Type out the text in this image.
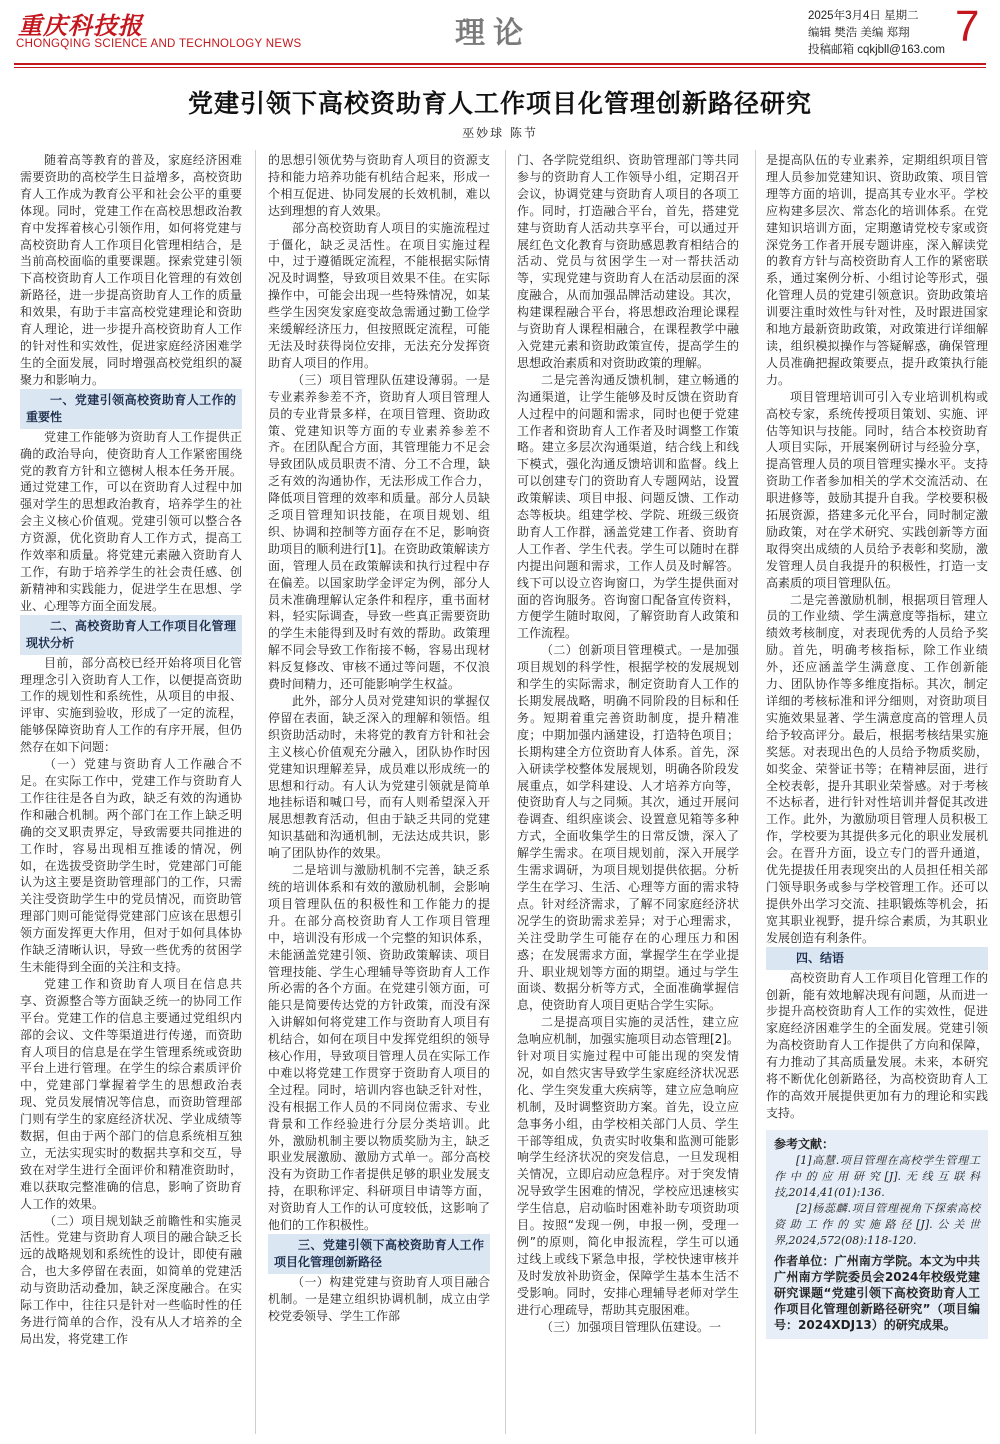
重庆科技报
CHONGQING SCIENCE AND TECHNOLOGY NEWS	理论	2025年3月4日 星期二
编辑 樊浩 美编 郑翔
投稿邮箱 cqkjbll@163.com 7
党建引领下高校资助育人工作项目化管理创新路径研究
巫妙球 陈节

随着高等教育的普及，家庭经济困难需要资助的高校学生日益增多，高校资助育人工作成为教育公平和社会公平的重要体现。同时，党建工作在高校思想政治教育中发挥着核心引领作用，如何将党建与高校资助育人工作项目化管理相结合，是当前高校面临的重要课题。探索党建引领下高校资助育人工作项目化管理的有效创新路径，进一步提高资助育人工作的质量和效果，有助于丰富高校党建理论和资助育人理论，进一步提升高校资助育人工作的针对性和实效性，促进家庭经济困难学生的全面发展，同时增强高校党组织的凝聚力和影响力。

一、党建引领高校资助育人工作的重要性

党建工作能够为资助育人工作提供正确的政治导向，使资助育人工作紧密围绕党的教育方针和立德树人根本任务开展。通过党建工作，可以在资助育人过程中加强对学生的思想政治教育，培养学生的社会主义核心价值观。党建引领可以整合各方资源，优化资助育人工作方式，提高工作效率和质量。将党建元素融入资助育人工作，有助于培养学生的社会责任感、创新精神和实践能力，促进学生在思想、学业、心理等方面全面发展。

二、高校资助育人工作项目化管理现状分析

目前，部分高校已经开始将项目化管理理念引入资助育人工作，以便提高资助工作的规划性和系统性，从项目的申报、评审、实施到验收，形成了一定的流程，能够保障资助育人工作的有序开展，但仍然存在如下问题：

（一）党建与资助育人工作融合不足。在实际工作中，党建工作与资助育人工作往往是各自为政，缺乏有效的沟通协作和融合机制。两个部门在工作上缺乏明确的交叉职责界定，导致需要共同推进的工作时，容易出现相互推诿的情况，例如，在选拔受资助学生时，党建部门可能认为这主要是资助管理部门的工作，只需关注受资助学生中的党员情况，而资助管理部门则可能觉得党建部门应该在思想引领方面发挥更大作用，但对于如何具体协作缺乏清晰认识，导致一些优秀的贫困学生未能得到全面的关注和支持。

党建工作和资助育人项目在信息共享、资源整合等方面缺乏统一的协同工作平台。党建工作的信息主要通过党组织内部的会议、文件等渠道进行传递，而资助育人项目的信息是在学生管理系统或资助平台上进行管理。在学生的综合素质评价中，党建部门掌握着学生的思想政治表现、党员发展情况等信息，而资助管理部门则有学生的家庭经济状况、学业成绩等数据，但由于两个部门的信息系统相互独立，无法实现实时的数据共享和交互，导致在对学生进行全面评价和精准资助时，难以获取完整准确的信息，影响了资助育人工作的效果。

（二）项目规划缺乏前瞻性和实施灵活性。党建与资助育人项目的融合缺乏长远的战略规划和系统性的设计，即使有融合，也大多停留在表面，如简单的党建活动与资助活动叠加，缺乏深度融合。在实际工作中，往往只是针对一些临时性的任务进行简单的合作，没有从人才培养的全局出发，将党建工作

的思想引领优势与资助育人项目的资源支持和能力培养功能有机结合起来，形成一个相互促进、协同发展的长效机制，难以达到理想的育人效果。

部分高校资助育人项目的实施流程过于僵化，缺乏灵活性。在项目实施过程中，过于遵循既定流程，不能根据实际情况及时调整，导致项目效果不佳。在实际操作中，可能会出现一些特殊情况，如某些学生因突发家庭变故急需通过勤工俭学来缓解经济压力，但按照既定流程，可能无法及时获得岗位安排，无法充分发挥资助育人项目的作用。

（三）项目管理队伍建设薄弱。一是专业素养参差不齐，资助育人项目管理人员的专业背景多样，在项目管理、资助政策、党建知识等方面的专业素养参差不齐。在团队配合方面，其管理能力不足会导致团队成员职责不清、分工不合理，缺乏有效的沟通协作，无法形成工作合力，降低项目管理的效率和质量。部分人员缺乏项目管理知识技能，在项目规划、组织、协调和控制等方面存在不足，影响资助项目的顺利进行[1]。在资助政策解读方面，管理人员在政策解读和执行过程中存在偏差。以国家助学金评定为例，部分人员未准确理解认定条件和程序，重书面材料，轻实际调查，导致一些真正需要资助的学生未能得到及时有效的帮助。政策理解不同会导致工作衔接不畅，容易出现材料反复修改、审核不通过等问题，不仅浪费时间精力，还可能影响学生权益。

此外，部分人员对党建知识的掌握仅停留在表面，缺乏深入的理解和领悟。组织资助活动时，未将党的教育方针和社会主义核心价值观充分融入，团队协作时因党建知识理解差异，成员难以形成统一的思想和行动。有人认为党建引领就是简单地挂标语和喊口号，而有人则希望深入开展思想教育活动，但由于缺乏共同的党建知识基础和沟通机制，无法达成共识，影响了团队协作的效果。

二是培训与激励机制不完善，缺乏系统的培训体系和有效的激励机制，会影响项目管理队伍的积极性和工作能力的提升。在部分高校资助育人工作项目管理中，培训没有形成一个完整的知识体系，未能涵盖党建引领、资助政策解读、项目管理技能、学生心理辅导等资助育人工作所必需的各个方面。在党建引领方面，可能只是简要传达党的方针政策，而没有深入讲解如何将党建工作与资助育人项目有机结合，如何在项目中发挥党组织的领导核心作用，导致项目管理人员在实际工作中难以将党建工作贯穿于资助育人项目的全过程。同时，培训内容也缺乏针对性，没有根据工作人员的不同岗位需求、专业背景和工作经验进行分层分类培训。此外，激励机制主要以物质奖励为主，缺乏职业发展激励、激励方式单一。部分高校没有为资助工作者提供足够的职业发展支持，在职称评定、科研项目申请等方面，对资助育人工作的认可度较低，这影响了他们的工作积极性。

三、党建引领下高校资助育人工作项目化管理创新路径

（一）构建党建与资助育人项目融合机制。一是建立组织协调机制，成立由学校党委领导、学生工作部

门、各学院党组织、资助管理部门等共同参与的资助育人工作领导小组，定期召开会议，协调党建与资助育人项目的各项工作。同时，打造融合平台，首先，搭建党建与资助育人活动共享平台，可以通过开展红色文化教育与资助感恩教育相结合的活动、党员与贫困学生一对一帮扶活动等，实现党建与资助育人在活动层面的深度融合，从而加强品牌活动建设。其次，构建课程融合平台，将思想政治理论课程与资助育人课程相融合，在课程教学中融入党建元素和资助政策宣传，提高学生的思想政治素质和对资助政策的理解。

二是完善沟通反馈机制，建立畅通的沟通渠道，让学生能够及时反馈在资助育人过程中的问题和需求，同时也便于党建工作者和资助育人工作者及时调整工作策略。建立多层次沟通渠道，结合线上和线下模式，强化沟通反馈培训和监督。线上可以创建专门的资助育人专题网站，设置政策解读、项目申报、问题反馈、工作动态等板块。组建学校、学院、班级三级资助育人工作群，涵盖党建工作者、资助育人工作者、学生代表。学生可以随时在群内提出问题和需求，工作人员及时解答。线下可以设立咨询窗口，为学生提供面对面的咨询服务。咨询窗口配备宣传资料，方便学生随时取阅，了解资助育人政策和工作流程。

（二）创新项目管理模式。一是加强项目规划的科学性，根据学校的发展规划和学生的实际需求，制定资助育人工作的长期发展战略，明确不同阶段的目标和任务。短期着重完善资助制度，提升精准度；中期加强内涵建设，打造特色项目；长期构建全方位资助育人体系。首先，深入研读学校整体发展规划，明确各阶段发展重点，如学科建设、人才培养方向等，使资助育人与之同频。其次，通过开展问卷调查、组织座谈会、设置意见箱等多种方式，全面收集学生的日常反馈，深入了解学生需求。在项目规划前，深入开展学生需求调研，为项目规划提供依据。分析学生在学习、生活、心理等方面的需求特点。针对经济需求，了解不同家庭经济状况学生的资助需求差异；对于心理需求，关注受助学生可能存在的心理压力和困惑；在发展需求方面，掌握学生在学业提升、职业规划等方面的期望。通过与学生面谈、数据分析等方式，全面准确掌握信息，使资助育人项目更贴合学生实际。

二是提高项目实施的灵活性，建立应急响应机制，加强实施项目动态管理[2]。针对项目实施过程中可能出现的突发情况，如自然灾害导致学生家庭经济状况恶化、学生突发重大疾病等，建立应急响应机制，及时调整资助方案。首先，设立应急事务小组，由学校相关部门人员、学生干部等组成，负责实时收集和监测可能影响学生经济状况的突发信息，一旦发现相关情况，立即启动应急程序。对于突发情况导致学生困难的情况，学校应迅速核实学生信息，启动临时困难补助专项资助项目。按照“发现一例，申报一例，受理一例”的原则，简化申报流程，学生可以通过线上或线下紧急申报，学校快速审核并及时发放补助资金，保障学生基本生活不受影响。同时，安排心理辅导老师对学生进行心理疏导，帮助其克服困难。

（三）加强项目管理队伍建设。一

是提高队伍的专业素养，定期组织项目管理人员参加党建知识、资助政策、项目管理等方面的培训，提高其专业水平。学校应构建多层次、常态化的培训体系。在党建知识培训方面，定期邀请党校专家或资深党务工作者开展专题讲座，深入解读党的教育方针与高校资助育人工作的紧密联系，通过案例分析、小组讨论等形式，强化管理人员的党建引领意识。资助政策培训要注重时效性与针对性，及时跟进国家和地方最新资助政策，对政策进行详细解读，组织模拟操作与答疑解惑，确保管理人员准确把握政策要点，提升政策执行能力。

项目管理培训可引入专业培训机构或高校专家，系统传授项目策划、实施、评估等知识与技能。同时，结合本校资助育人项目实际，开展案例研讨与经验分享，提高管理人员的项目管理实操水平。支持资助工作者参加相关的学术交流活动、在职进修等，鼓励其提升自我。学校要积极拓展资源，搭建多元化平台，同时制定激励政策，对在学术研究、实践创新等方面取得突出成绩的人员给予表彰和奖励，激发管理人员自我提升的积极性，打造一支高素质的项目管理队伍。

二是完善激励机制，根据项目管理人员的工作业绩、学生满意度等指标，建立绩效考核制度，对表现优秀的人员给予奖励。首先，明确考核指标，除工作业绩外，还应涵盖学生满意度、工作创新能力、团队协作等多维度指标。其次，制定详细的考核标准和评分细则，对资助项目实施效果显著、学生满意度高的管理人员给予较高评分。最后，根据考核结果实施奖惩。对表现出色的人员给予物质奖励，如奖金、荣誉证书等；在精神层面，进行全校表彰，提升其职业荣誉感。对于考核不达标者，进行针对性培训并督促其改进工作。此外，为激励项目管理人员积极工作，学校要为其提供多元化的职业发展机会。在晋升方面，设立专门的晋升通道，优先提拔任用表现突出的人员担任相关部门领导职务或参与学校管理工作。还可以提供外出学习交流、挂职锻炼等机会，拓宽其职业视野，提升综合素质，为其职业发展创造有利条件。

四、结语

高校资助育人工作项目化管理工作的创新，能有效地解决现有问题，从而进一步提升高校资助育人工作的实效性，促进家庭经济困难学生的全面发展。党建引领为高校资助育人工作提供了方向和保障，有力推动了其高质量发展。未来，本研究将不断优化创新路径，为高校资助育人工作的高效开展提供更加有力的理论和实践支持。

参考文献：

[1]高慧.项目管理在高校学生管理工作中的应用研究[J].无线互联科技,2014,41(01):136.

[2]杨蕊麟.项目管理视角下探索高校资助工作的实施路径[J].公关世界,2024,572(08):118-120.

作者单位：广州南方学院。本文为中共广州南方学院委员会2024年校级党建研究课题“党建引领下高校资助育人工作项目化管理创新路径研究”（项目编号：2024XDJ13）的研究成果。
